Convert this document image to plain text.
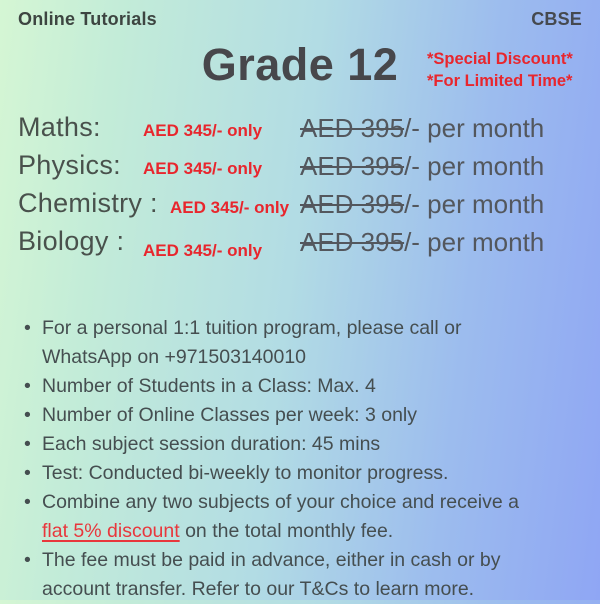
Online Tutorials	CBSE
Grade 12	*Special Discount*
*For Limited Time*
Maths: AED 345/- only AED 395/- per month
Physics: AED 345/- only AED 395/- per month
Chemistry : AED 345/- only AED 395/- per month
Biology : AED 345/- only AED 395/- per month
• For a personal 1:1 tuition program, please call or WhatsApp on +971503140010
• Number of Students in a Class: Max. 4
• Number of Online Classes per week: 3 only
• Each subject session duration: 45 mins
• Test: Conducted bi-weekly to monitor progress.
• Combine any two subjects of your choice and receive a flat 5% discount on the total monthly fee.
• The fee must be paid in advance, either in cash or by account transfer. Refer to our T&Cs to learn more.
